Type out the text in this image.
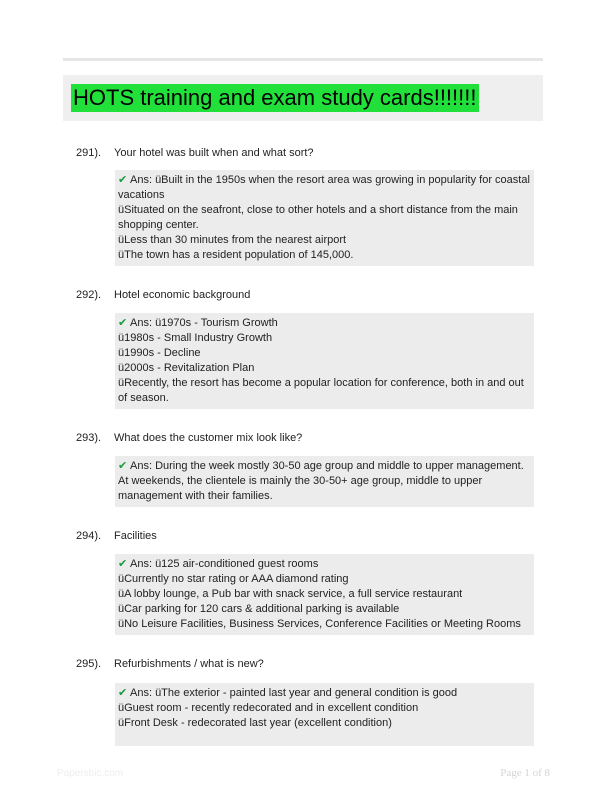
HOTS training and exam study cards!!!!!!!
291). Your hotel was built when and what sort?
✔ Ans: üBuilt in the 1950s when the resort area was growing in popularity for coastal vacations
üSituated on the seafront, close to other hotels and a short distance from the main shopping center.
üLess than 30 minutes from the nearest airport
üThe town has a resident population of 145,000.
292). Hotel economic background
✔ Ans: ü1970s - Tourism Growth
ü1980s - Small Industry Growth
ü1990s - Decline
ü2000s - Revitalization Plan
üRecently, the resort has become a popular location for conference, both in and out of season.
293). What does the customer mix look like?
✔ Ans: During the week mostly 30-50 age group and middle to upper management. At weekends, the clientele is mainly the 30-50+ age group, middle to upper management with their families.
294). Facilities
✔ Ans: ü125 air-conditioned guest rooms
üCurrently no star rating or AAA diamond rating
üA lobby lounge, a Pub bar with snack service, a full service restaurant
üCar parking for 120 cars & additional parking is available
üNo Leisure Facilities, Business Services, Conference Facilities or Meeting Rooms
295). Refurbishments / what is new?
✔ Ans: üThe exterior - painted last year and general condition is good
üGuest room - recently redecorated and in excellent condition
üFront Desk - redecorated last year (excellent condition)
Papersbic.com	Page 1 of 8
